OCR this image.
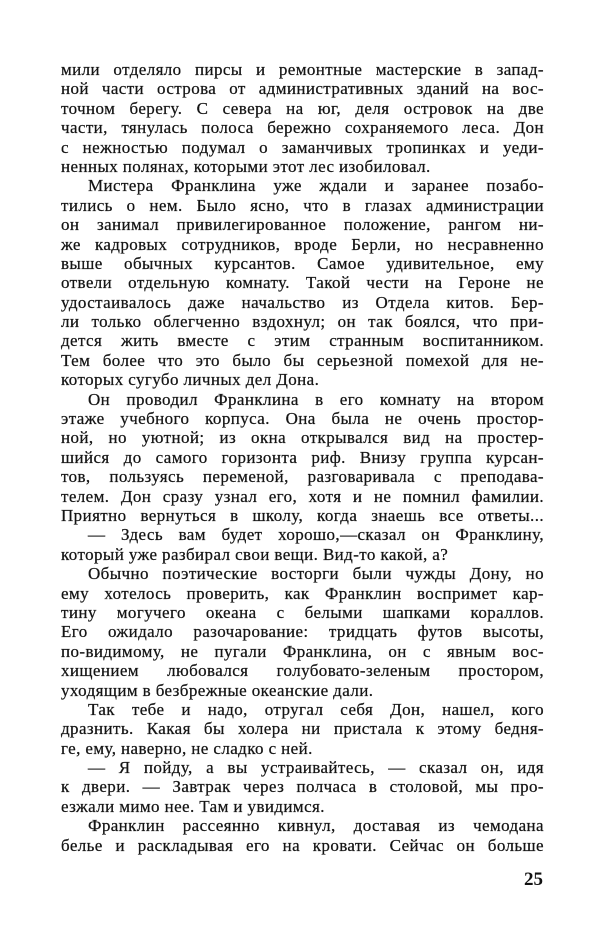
мили отделяло пирсы и ремонтные мастерские в запад-
ной части острова от административных зданий на вос-
точном берегу. С севера на юг, деля островок на две
части, тянулась полоса бережно сохраняемого леса. Дон
с нежностью подумал о заманчивых тропинках и уеди-
ненных полянах, которыми этот лес изобиловал.
Мистера Франклина уже ждали и заранее позабо-
тились о нем. Было ясно, что в глазах администрации
он занимал привилегированное положение, рангом ни-
же кадровых сотрудников, вроде Берли, но несравненно
выше обычных курсантов. Самое удивительное, ему
отвели отдельную комнату. Такой чести на Героне не
удостаивалось даже начальство из Отдела китов. Бер-
ли только облегченно вздохнул; он так боялся, что при-
дется жить вместе с этим странным воспитанником.
Тем более что это было бы серьезной помехой для не-
которых сугубо личных дел Дона.
Он проводил Франклина в его комнату на втором
этаже учебного корпуса. Она была не очень простор-
ной, но уютной; из окна открывался вид на простер-
шийся до самого горизонта риф. Внизу группа курсан-
тов, пользуясь переменой, разговаривала с преподава-
телем. Дон сразу узнал его, хотя и не помнил фамилии.
Приятно вернуться в школу, когда знаешь все ответы...
— Здесь вам будет хорошо,—сказал он Франклину,
который уже разбирал свои вещи. Вид-то какой, а?
Обычно поэтические восторги были чужды Дону, но
ему хотелось проверить, как Франклин воспримет кар-
тину могучего океана с белыми шапками кораллов.
Его ожидало разочарование: тридцать футов высоты,
по-видимому, не пугали Франклина, он с явным вос-
хищением любовался голубовато-зеленым простором,
уходящим в безбрежные океанские дали.
Так тебе и надо, отругал себя Дон, нашел, кого
дразнить. Какая бы холера ни пристала к этому бедня-
ге, ему, наверно, не сладко с ней.
— Я пойду, а вы устраивайтесь, — сказал он, идя
к двери. — Завтрак через полчаса в столовой, мы про-
езжали мимо нее. Там и увидимся.
Франклин рассеянно кивнул, доставая из чемодана
белье и раскладывая его на кровати. Сейчас он больше
25
